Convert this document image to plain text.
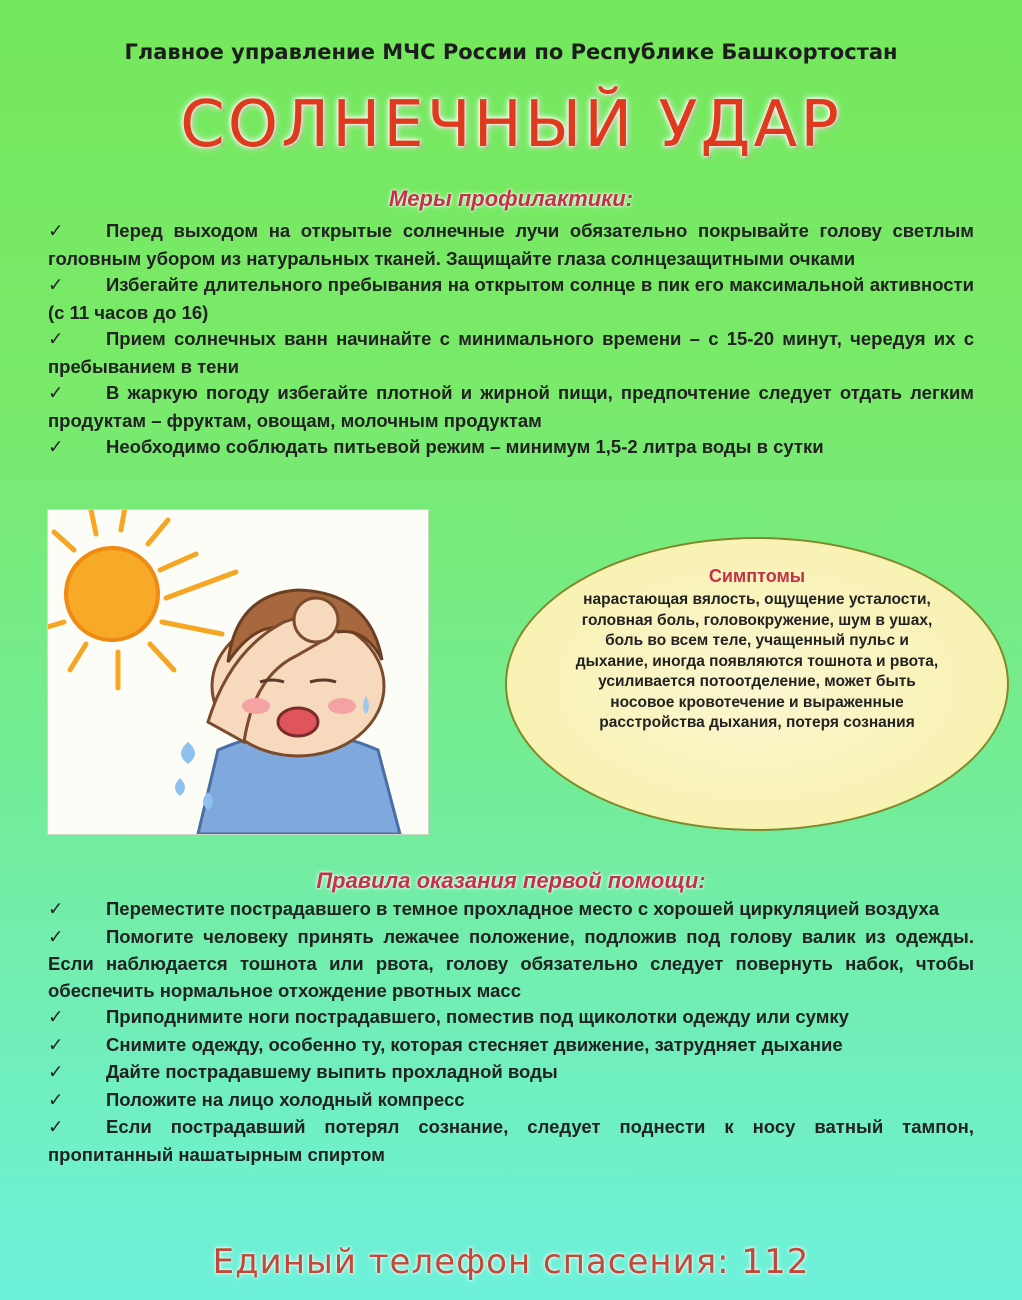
Главное управление МЧС России по Республике Башкортостан
СОЛНЕЧНЫЙ УДАР
Меры профилактики:
✓ Перед выходом на открытые солнечные лучи обязательно покрывайте голову светлым головным убором из натуральных тканей. Защищайте глаза солнцезащитными очками
✓ Избегайте длительного пребывания на открытом солнце в пик его максимальной активности (с 11 часов до 16)
✓ Прием солнечных ванн начинайте с минимального времени – с 15-20 минут, чередуя их с пребыванием в тени
✓ В жаркую погоду избегайте плотной и жирной пищи, предпочтение следует отдать легким продуктам – фруктам, овощам, молочным продуктам
✓ Необходимо соблюдать питьевой режим – минимум 1,5-2 литра воды в сутки
Симптомы
нарастающая вялость, ощущение усталости, головная боль, головокружение, шум в ушах, боль во всем теле, учащенный пульс и дыхание, иногда появляются тошнота и рвота, усиливается потоотделение, может быть носовое кровотечение и выраженные расстройства дыхания, потеря сознания
Правила оказания первой помощи:
✓ Переместите пострадавшего в темное прохладное место с хорошей циркуляцией воздуха
✓ Помогите человеку принять лежачее положение, подложив под голову валик из одежды. Если наблюдается тошнота или рвота, голову обязательно следует повернуть набок, чтобы обеспечить нормальное отхождение рвотных масс
✓ Приподнимите ноги пострадавшего, поместив под щиколотки одежду или сумку
✓ Снимите одежду, особенно ту, которая стесняет движение, затрудняет дыхание
✓ Дайте пострадавшему выпить прохладной воды
✓ Положите на лицо холодный компресс
✓ Если пострадавший потерял сознание, следует поднести к носу ватный тампон, пропитанный нашатырным спиртом
Единый телефон спасения: 112
